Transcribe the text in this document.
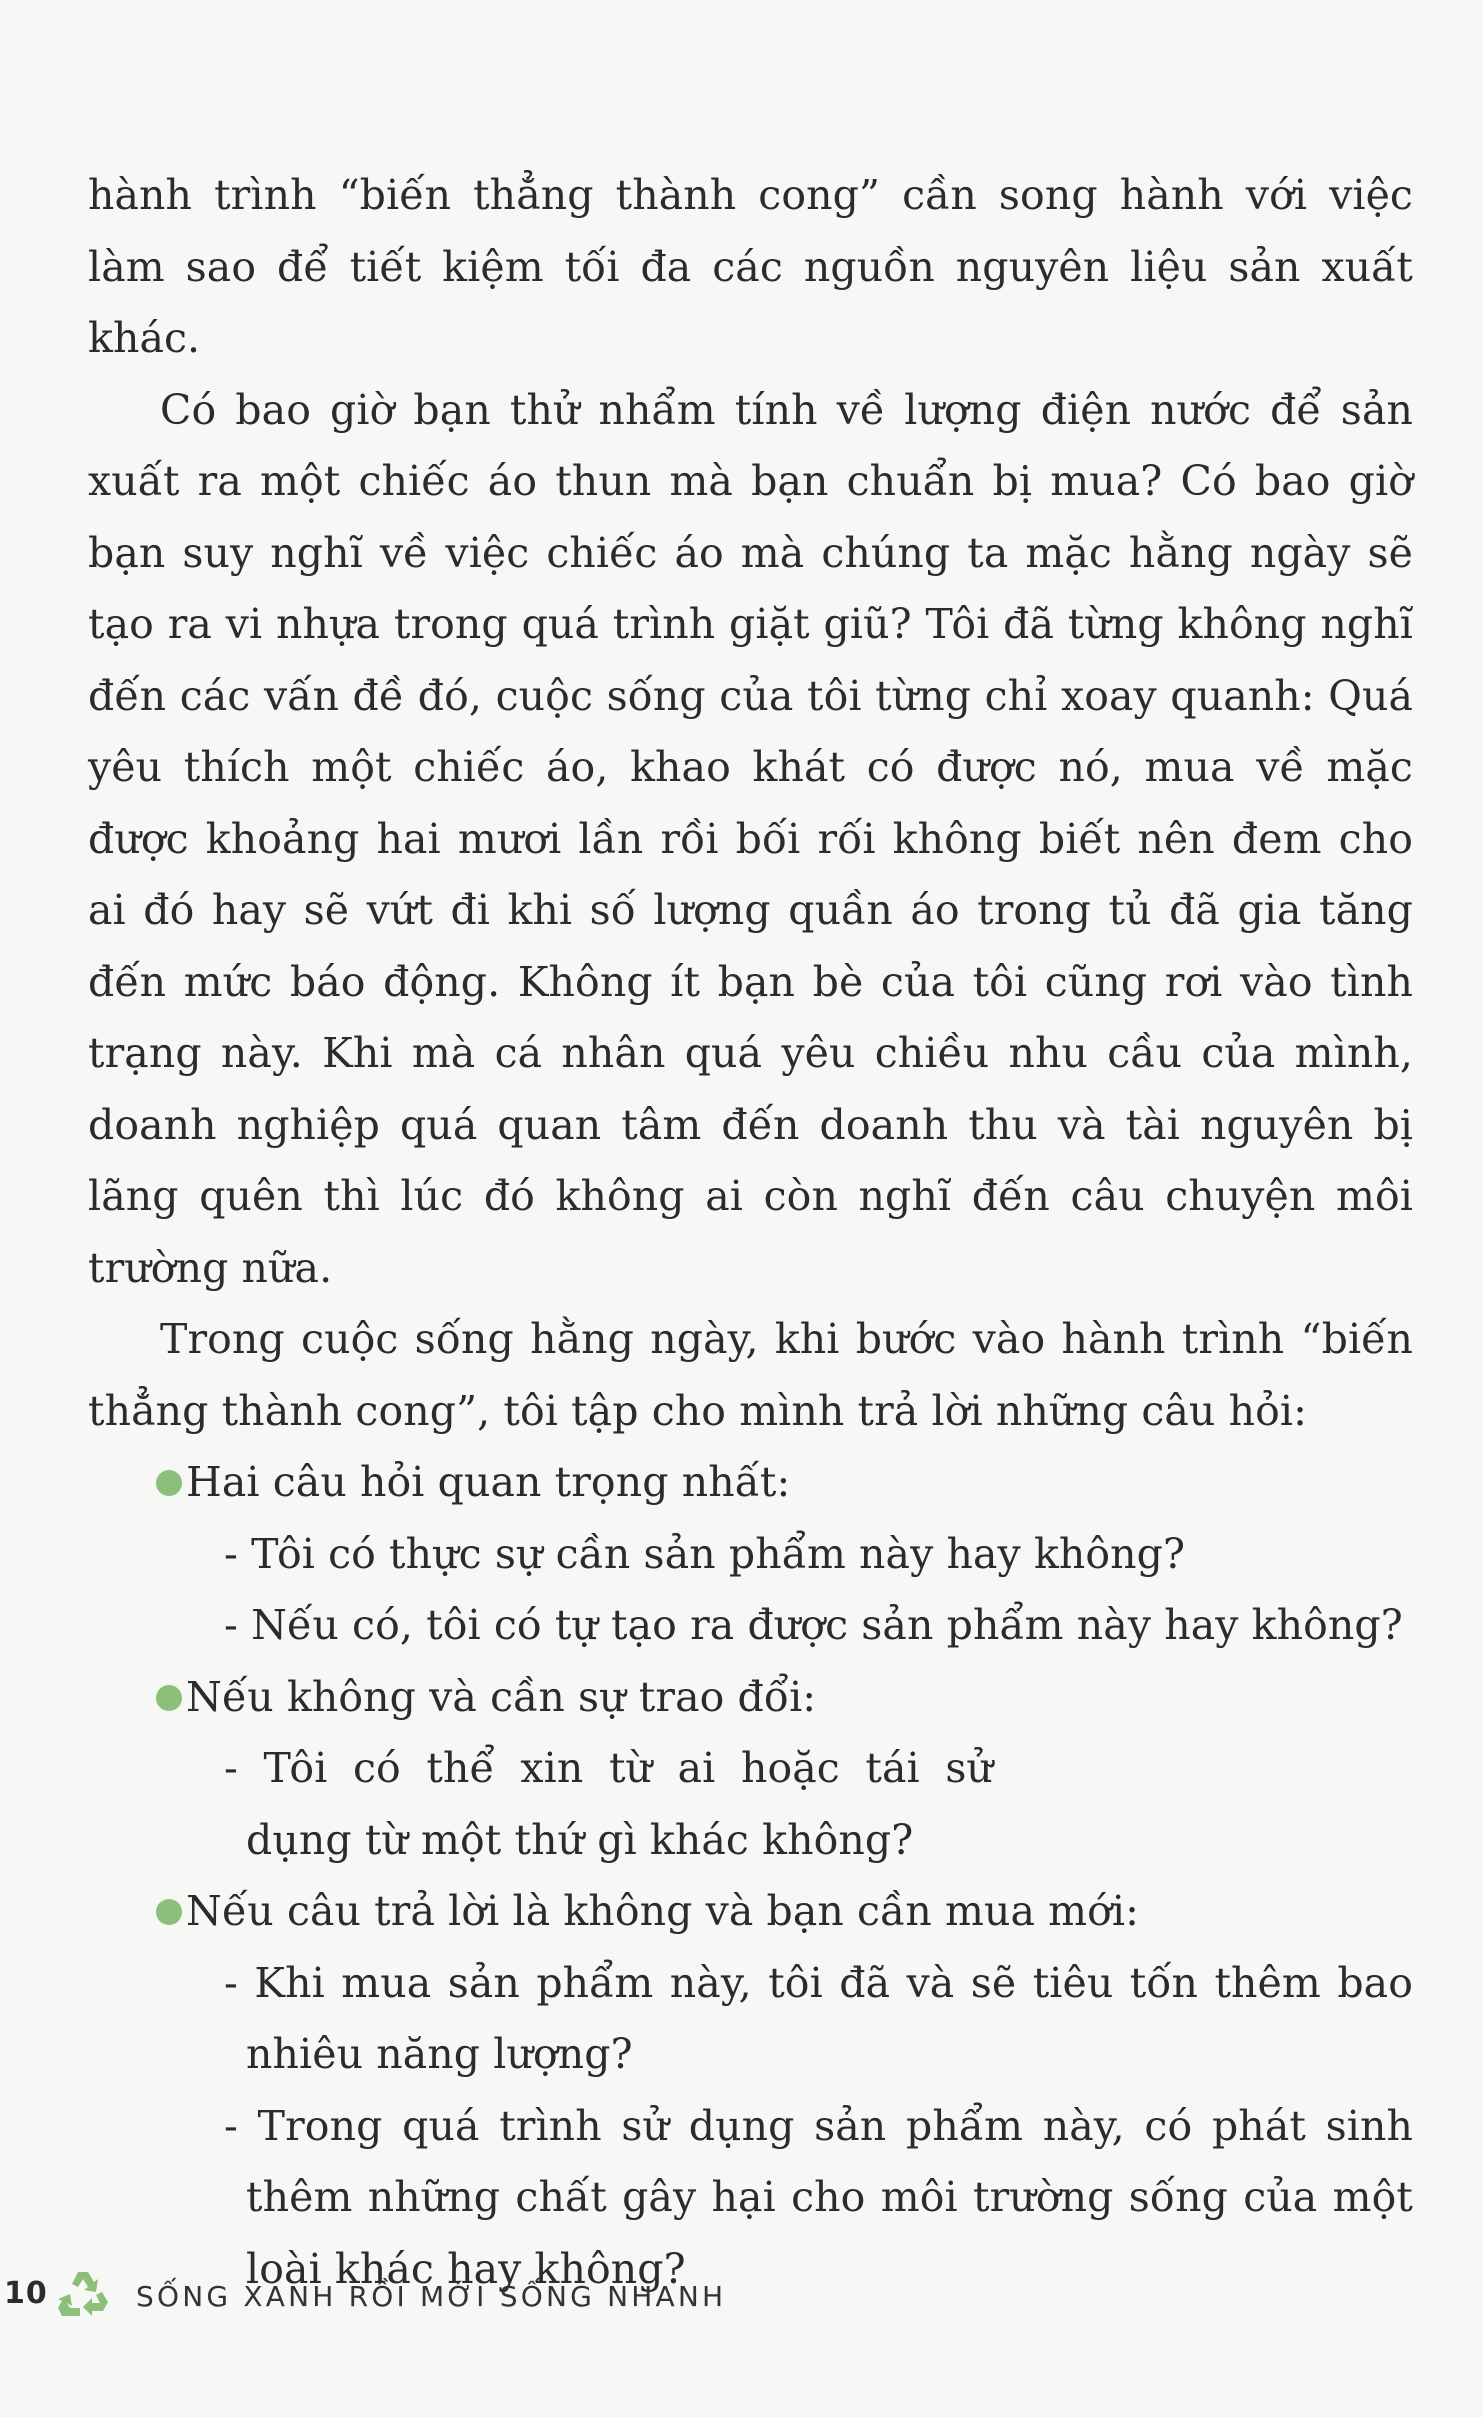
hành trình “biến thẳng thành cong” cần song hành với việc làm sao để tiết kiệm tối đa các nguồn nguyên liệu sản xuất khác.

Có bao giờ bạn thử nhẩm tính về lượng điện nước để sản xuất ra một chiếc áo thun mà bạn chuẩn bị mua? Có bao giờ bạn suy nghĩ về việc chiếc áo mà chúng ta mặc hằng ngày sẽ tạo ra vi nhựa trong quá trình giặt giũ? Tôi đã từng không nghĩ đến các vấn đề đó, cuộc sống của tôi từng chỉ xoay quanh: Quá yêu thích một chiếc áo, khao khát có được nó, mua về mặc được khoảng hai mươi lần rồi bối rối không biết nên đem cho ai đó hay sẽ vứt đi khi số lượng quần áo trong tủ đã gia tăng đến mức báo động. Không ít bạn bè của tôi cũng rơi vào tình trạng này. Khi mà cá nhân quá yêu chiều nhu cầu của mình, doanh nghiệp quá quan tâm đến doanh thu và tài nguyên bị lãng quên thì lúc đó không ai còn nghĩ đến câu chuyện môi trường nữa.

Trong cuộc sống hằng ngày, khi bước vào hành trình “biến thẳng thành cong”, tôi tập cho mình trả lời những câu hỏi:

Hai câu hỏi quan trọng nhất:
- Tôi có thực sự cần sản phẩm này hay không?
- Nếu có, tôi có tự tạo ra được sản phẩm này hay không?
Nếu không và cần sự trao đổi:
- Tôi có thể xin từ ai hoặc tái sử dụng từ một thứ gì khác không?
Nếu câu trả lời là không và bạn cần mua mới:
- Khi mua sản phẩm này, tôi đã và sẽ tiêu tốn thêm bao nhiêu năng lượng?
- Trong quá trình sử dụng sản phẩm này, có phát sinh thêm những chất gây hại cho môi trường sống của một loài khác hay không?
10	SỐNG XANH RỒI MỚI SỐNG NHANH
